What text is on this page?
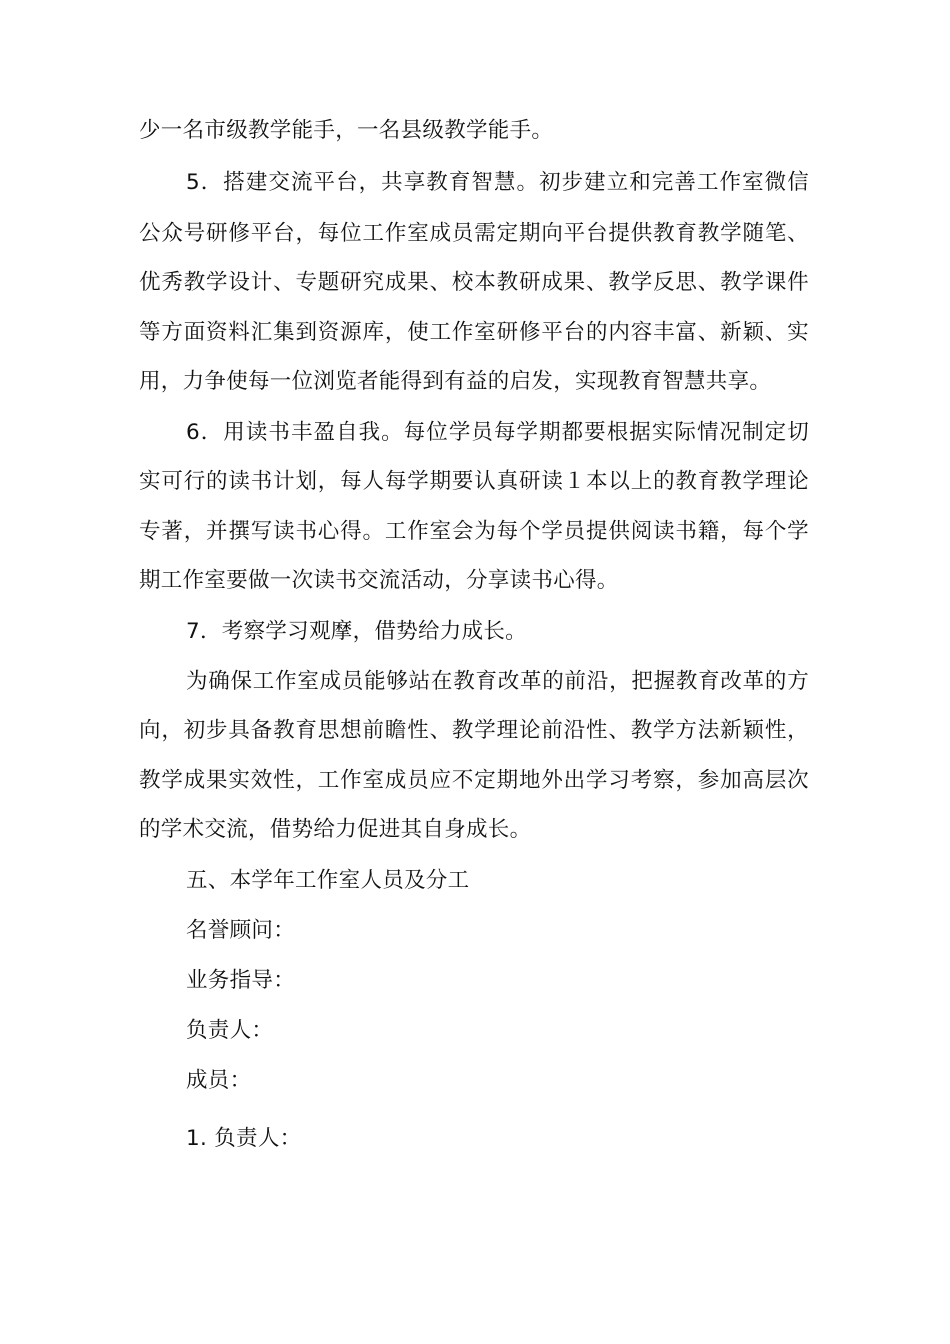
少一名市级教学能手，一名县级教学能手。
5．搭建交流平台，共享教育智慧。初步建立和完善工作室微信
公众号研修平台，每位工作室成员需定期向平台提供教育教学随笔、
优秀教学设计、专题研究成果、校本教研成果、教学反思、教学课件
等方面资料汇集到资源库，使工作室研修平台的内容丰富、新颖、实
用，力争使每一位浏览者能得到有益的启发，实现教育智慧共享。
6．用读书丰盈自我。每位学员每学期都要根据实际情况制定切
实可行的读书计划，每人每学期要认真研读１本以上的教育教学理论
专著，并撰写读书心得。工作室会为每个学员提供阅读书籍，每个学
期工作室要做一次读书交流活动，分享读书心得。
7．考察学习观摩，借势给力成长。
为确保工作室成员能够站在教育改革的前沿，把握教育改革的方
向，初步具备教育思想前瞻性、教学理论前沿性、教学方法新颖性，
教学成果实效性，工作室成员应不定期地外出学习考察，参加高层次
的学术交流，借势给力促进其自身成长。
五、本学年工作室人员及分工
名誉顾问：
业务指导：
负责人：
成员：
1. 负责人：
